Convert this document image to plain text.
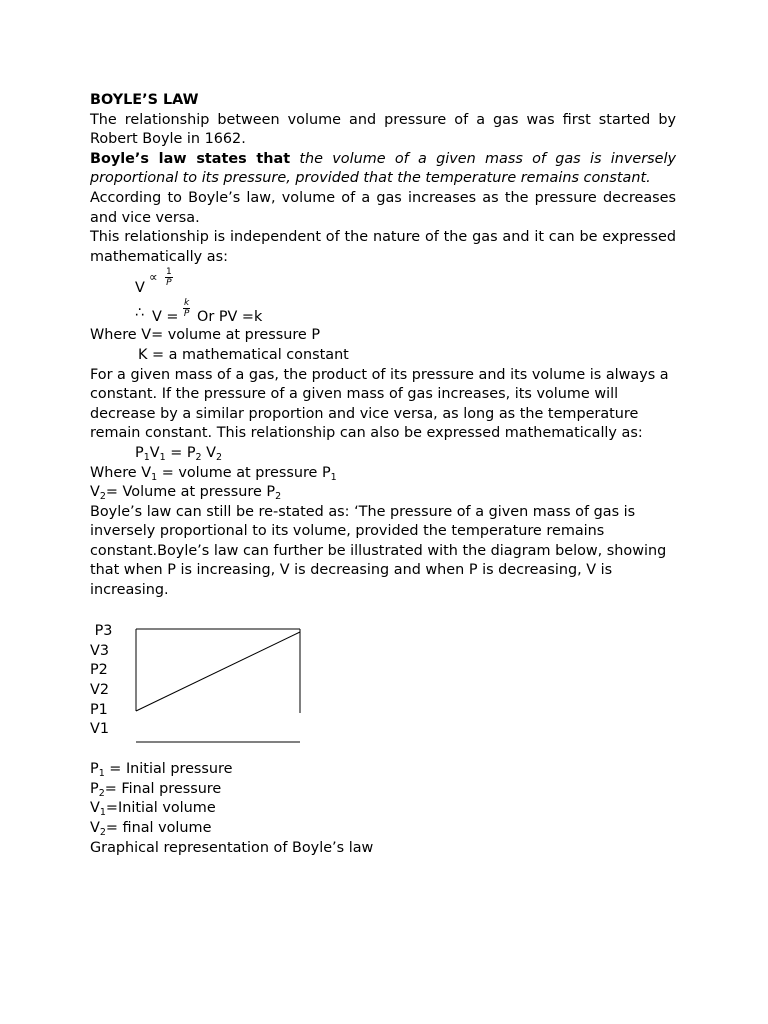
BOYLE’S LAW

The relationship between volume and pressure of a gas was first started by Robert Boyle in 1662.

Boyle’s law states that the volume of a given mass of gas is inversely proportional to its pressure, provided that the temperature remains constant.

According to Boyle’s law, volume of a gas increases as the pressure decreases and vice versa.

This relationship is independent of the nature of the gas and it can be expressed mathematically as:

V
∝ $\frac{1}{P}$
∴ $V = \frac{k}{P}$ Or PV =k
Where V= volume at pressure P
K = a mathematical constant

For a given mass of a gas, the product of its pressure and its volume is always a constant. If the pressure of a given mass of gas increases, its volume will decrease by a similar proportion and vice versa, as long as the temperature remain constant. This relationship can also be expressed mathematically as:

$P_1V_1 = P_2$ $V_2$
Where $V_1$ = volume at pressure $P_1$
$V_2=$ Volume at pressure $P_2$

Boyle’s law can still be re-stated as: ‘The pressure of a given mass of gas is inversely proportional to its volume, provided the temperature remains constant.Boyle’s law can further be illustrated with the diagram below, showing that when P is increasing, V is decreasing and when P is decreasing, V is increasing.

P3
V3
P2
V2
P1
V1
$P_1$ = Initial pressure
$P_2=$ Final pressure
$V_1=Initial$ volume
$V_2=$ final volume
Graphical representation of Boyle’s law
